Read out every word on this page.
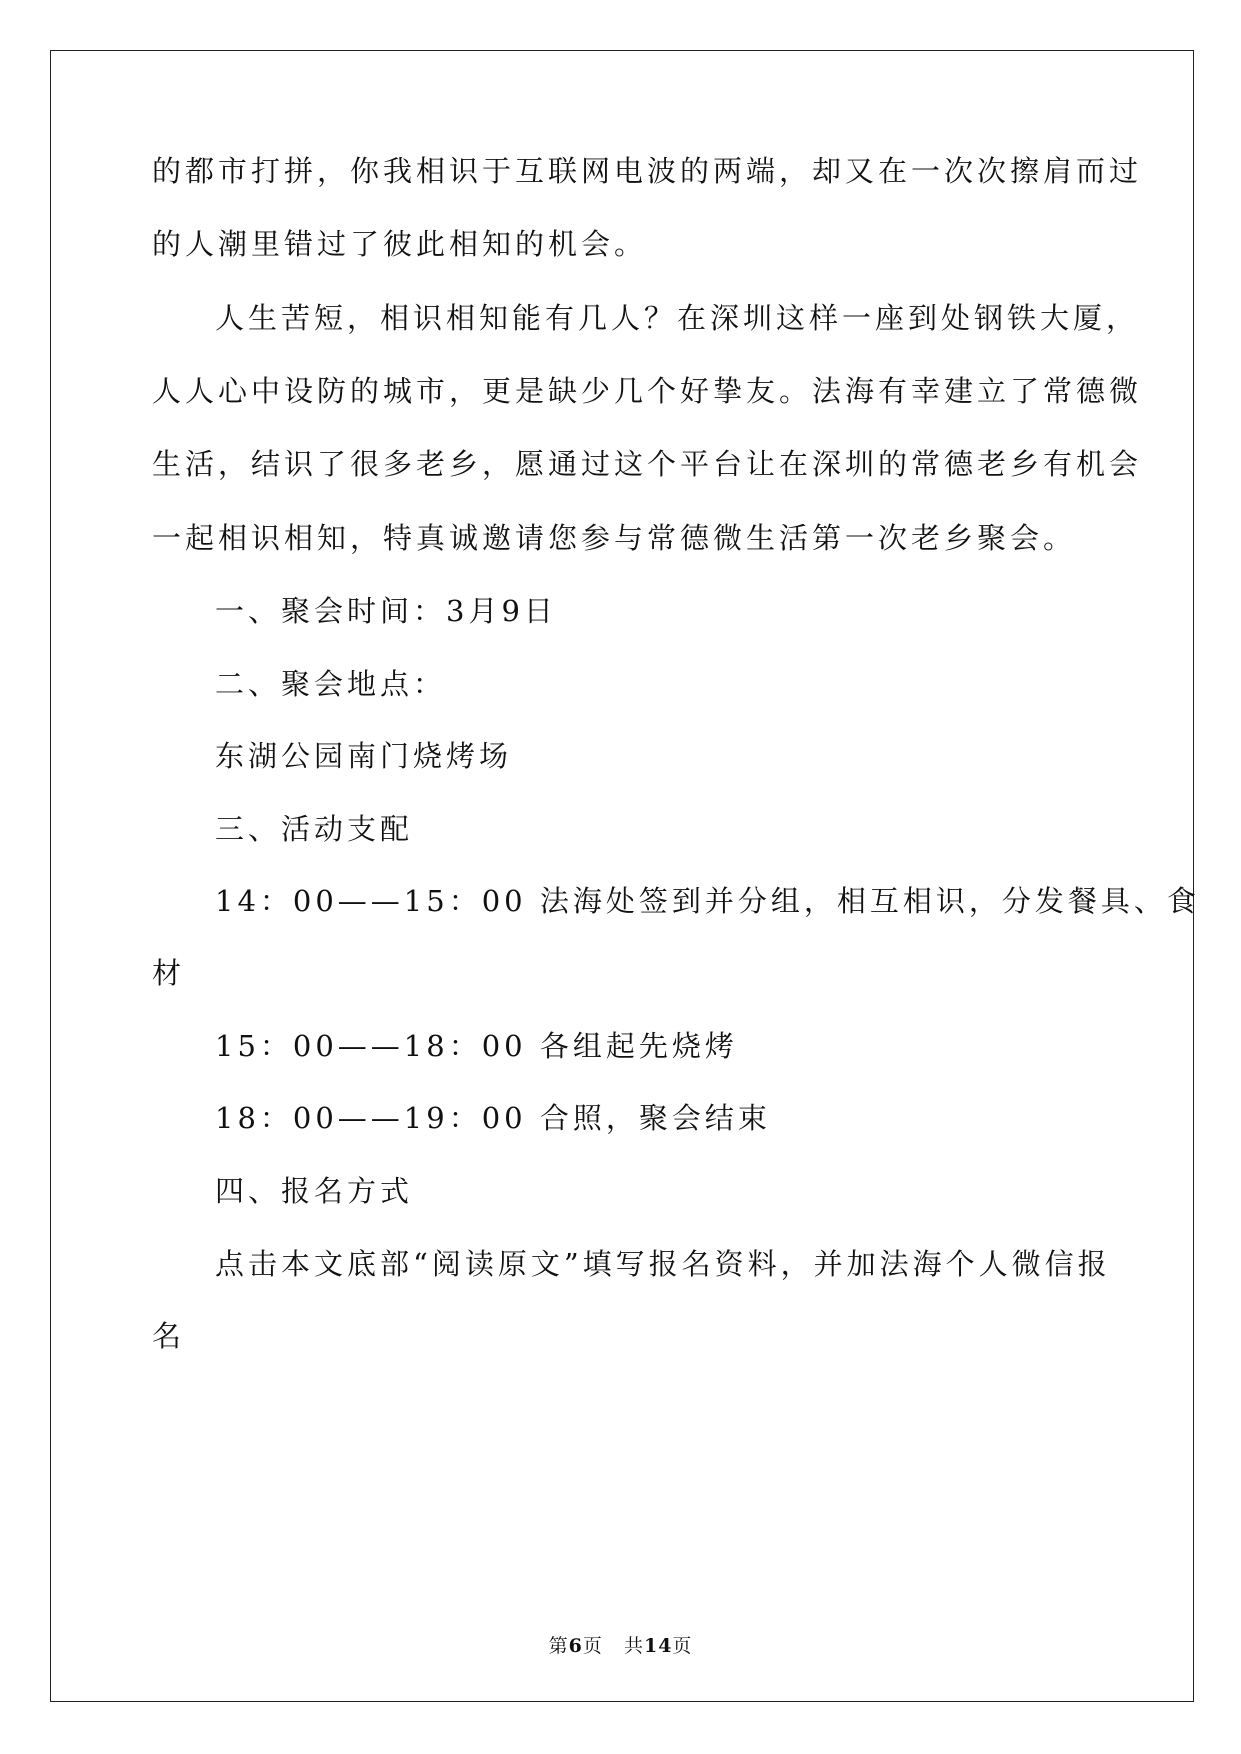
的都市打拼，你我相识于互联网电波的两端，却又在一次次擦肩而过

的人潮里错过了彼此相知的机会。

人生苦短，相识相知能有几人？在深圳这样一座到处钢铁大厦，

人人心中设防的城市，更是缺少几个好挚友。法海有幸建立了常德微

生活，结识了很多老乡，愿通过这个平台让在深圳的常德老乡有机会

一起相识相知，特真诚邀请您参与常德微生活第一次老乡聚会。

一、聚会时间：3月9日

二、聚会地点：

东湖公园南门烧烤场

三、活动支配

14：00——15：00 法海处签到并分组，相互相识，分发餐具、食

材

15：00——18：00 各组起先烧烤

18：00——19：00 合照，聚会结束

四、报名方式

点击本文底部“阅读原文”填写报名资料，并加法海个人微信报

名

第6页 共14页
